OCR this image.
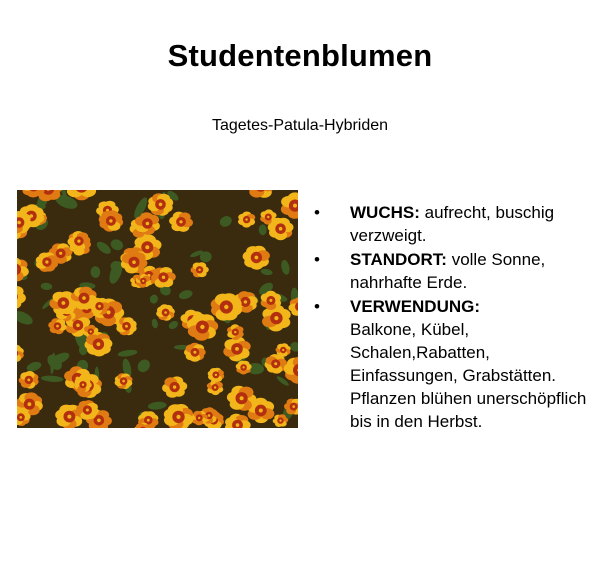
Studentenblumen
Tagetes-Patula-Hybriden
• WUCHS: aufrecht, buschig verzweigt.
• STANDORT: volle Sonne, nahrhafte Erde.
• VERWENDUNG:
Balkone, Kübel, Schalen,Rabatten, Einfassungen, Grabstätten. Pflanzen blühen unerschöpflich bis in den Herbst.
